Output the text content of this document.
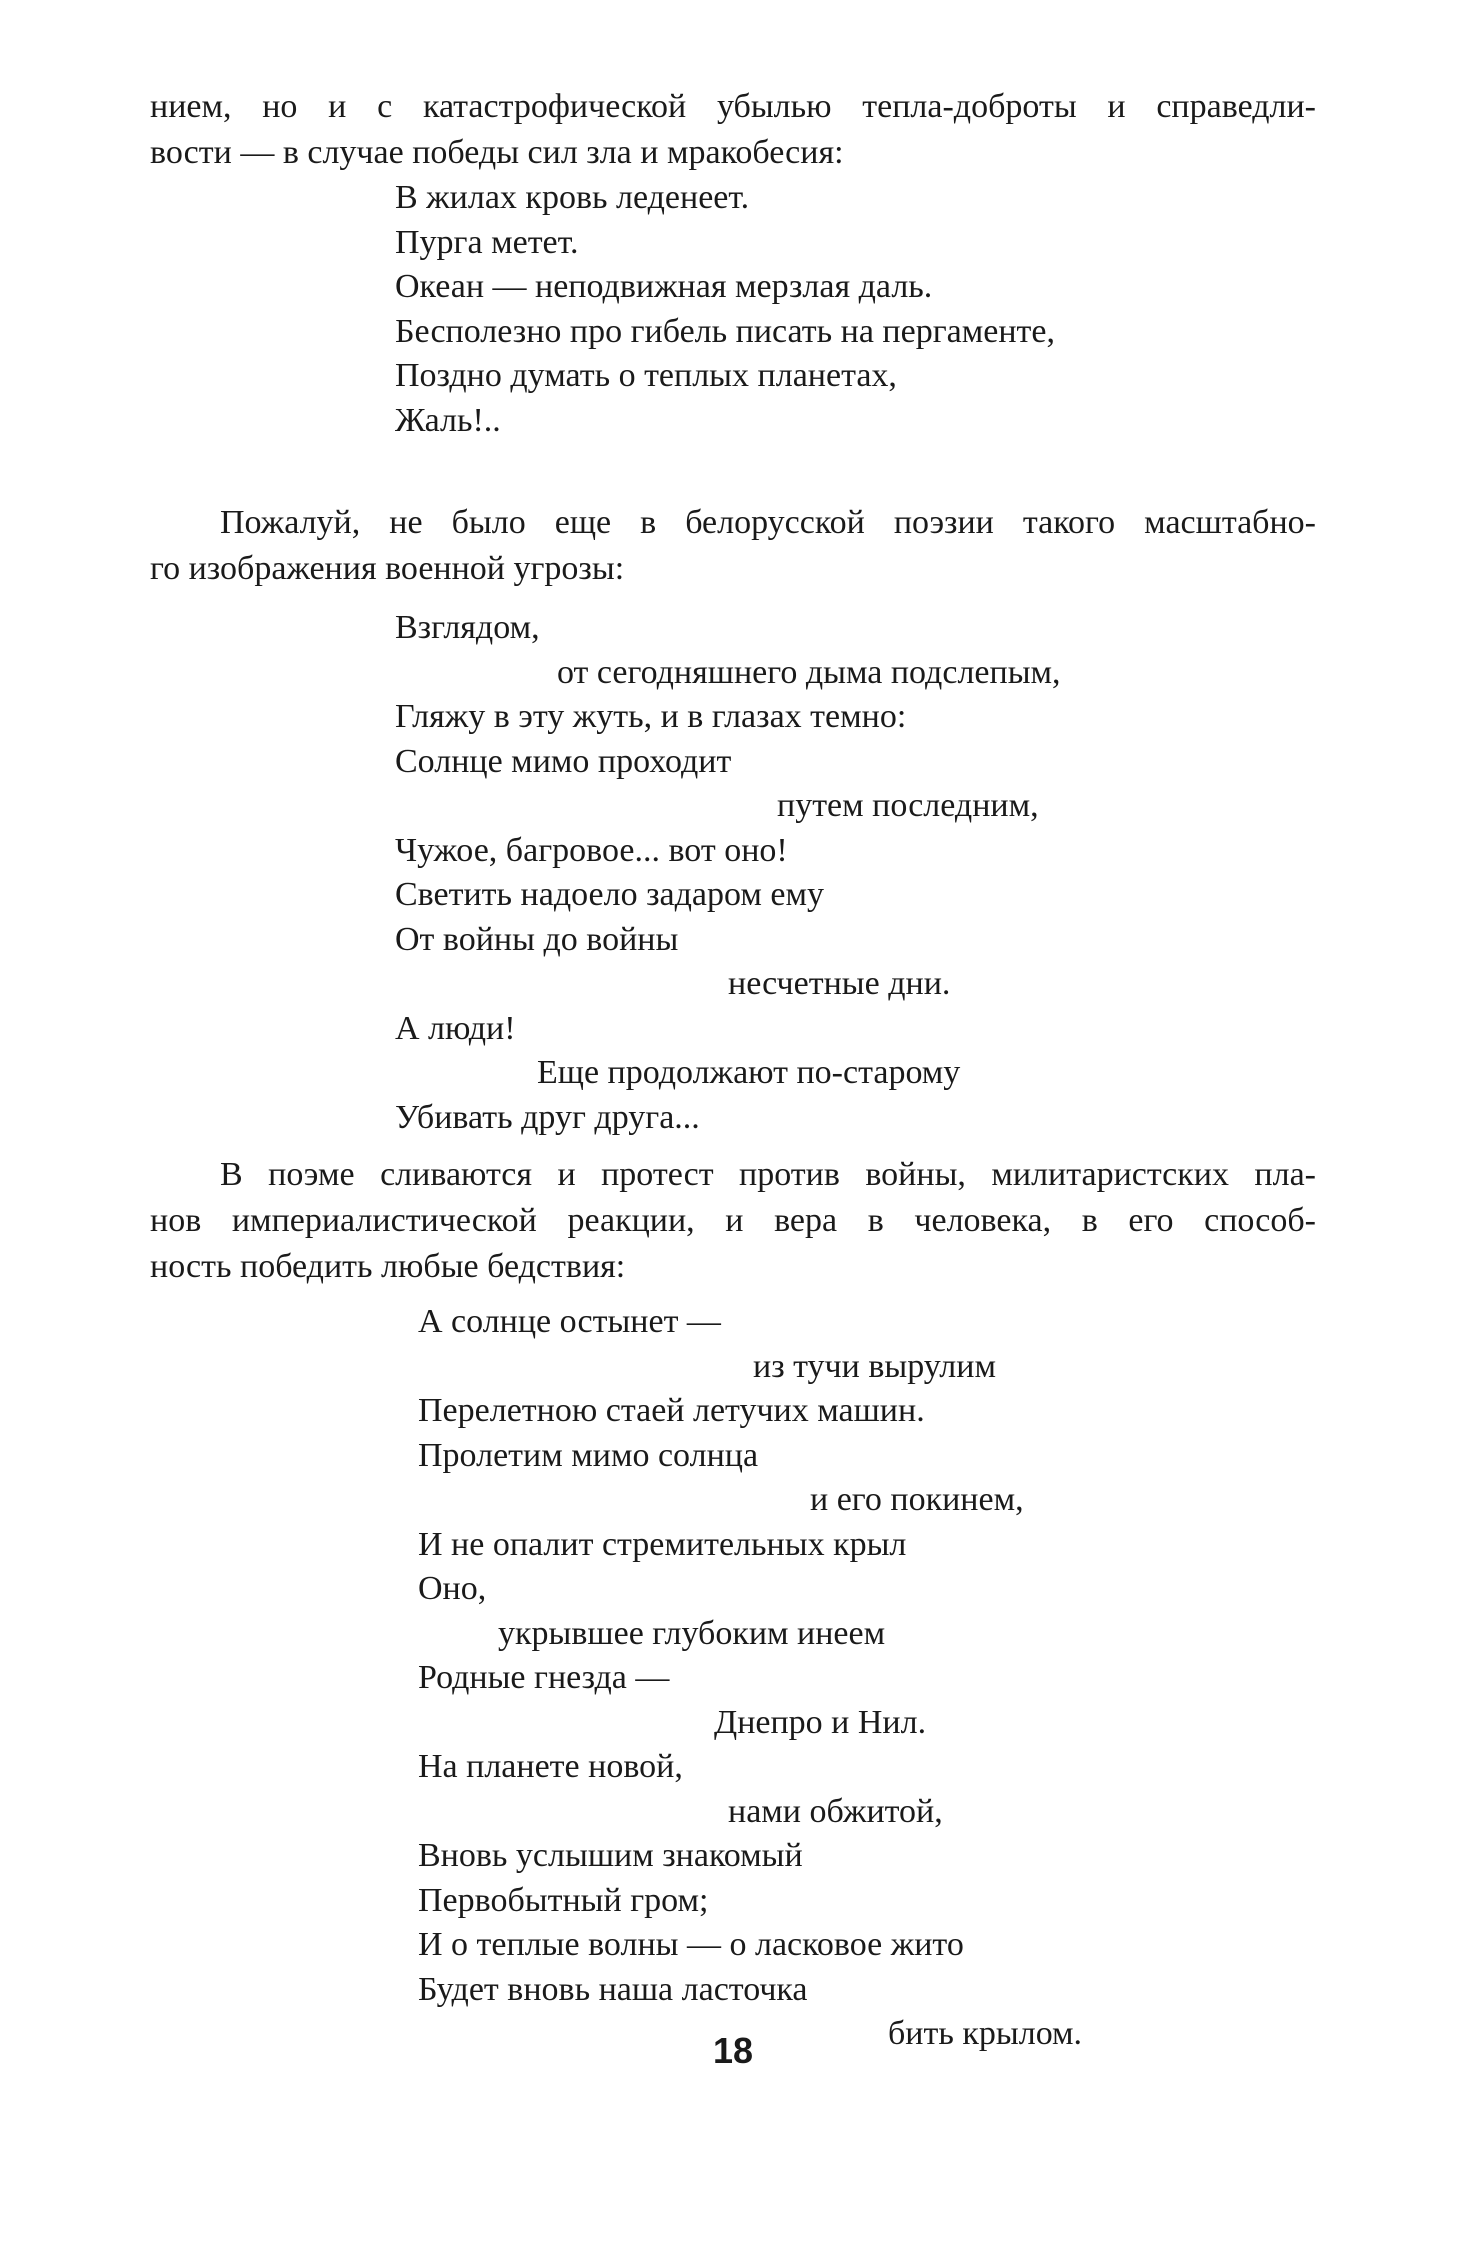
нием, но и с катастрофической убылью тепла-доброты и справедли-
вости — в случае победы сил зла и мракобесия:

В жилах кровь леденеет.
Пурга метет.
Океан — неподвижная мерзлая даль.
Бесполезно про гибель писать на пергаменте,
Поздно думать о теплых планетах,
Жаль!..

Пожалуй, не было еще в белорусской поэзии такого масштабно-
го изображения военной угрозы:

Взглядом,
от сегодняшнего дыма подслепым,
Гляжу в эту жуть, и в глазах темно:
Солнце мимо проходит
путем последним,
Чужое, багровое... вот оно!
Светить надоело задаром ему
От войны до войны
несчетные дни.
А люди!
Еще продолжают по-старому
Убивать друг друга...

В поэме сливаются и протест против войны, милитаристских пла-
нов империалистической реакции, и вера в человека, в его способ-
ность победить любые бедствия:

А солнце остынет —
из тучи вырулим
Перелетною стаей летучих машин.
Пролетим мимо солнца
и его покинем,
И не опалит стремительных крыл
Оно,
укрывшее глубоким инеем
Родные гнезда —
Днепро и Нил.
На планете новой,
нами обжитой,
Вновь услышим знакомый
Первобытный гром;
И о теплые волны — о ласковое жито
Будет вновь наша ласточка
бить крылом.
18
